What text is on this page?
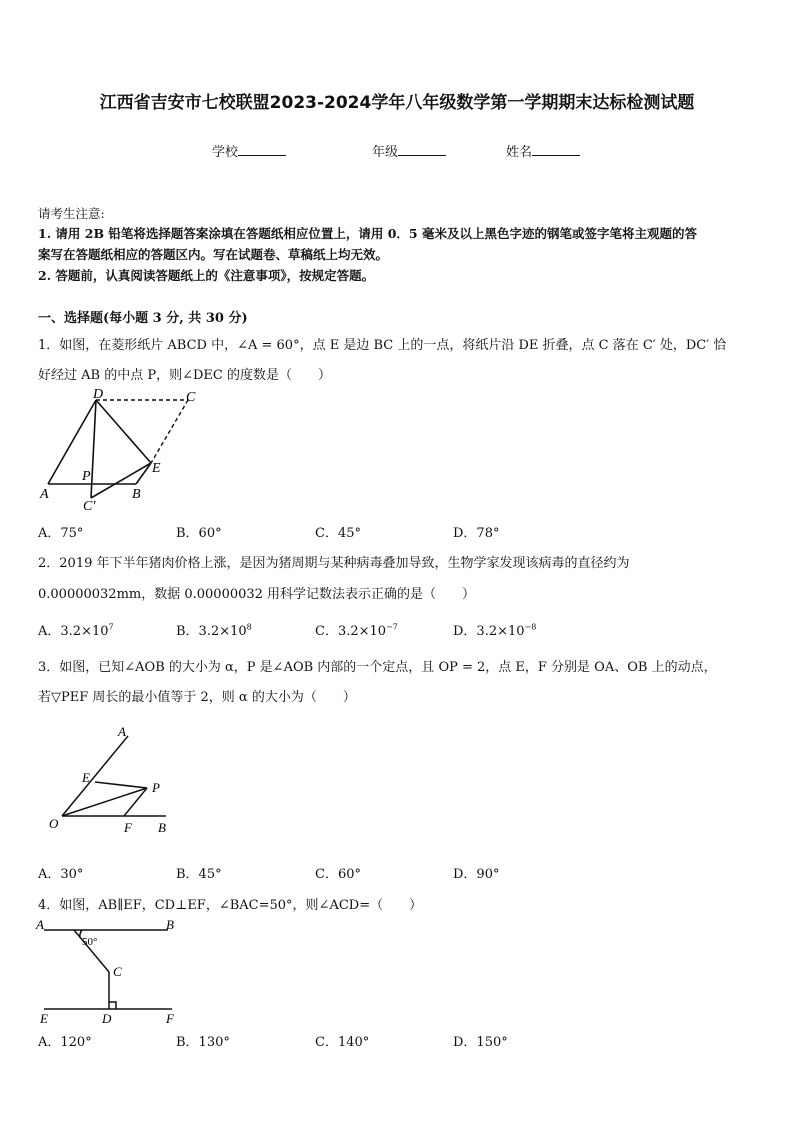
江西省吉安市七校联盟2023-2024学年八年级数学第一学期期末达标检测试题
学校	年级	姓名
请考生注意:
1. 请用 2B 铅笔将选择题答案涂填在答题纸相应位置上，请用 0．5 毫米及以上黑色字迹的钢笔或签字笔将主观题的答
案写在答题纸相应的答题区内。写在试题卷、草稿纸上均无效。
2. 答题前，认真阅读答题纸上的《注意事项》，按规定答题。
一、选择题(每小题 3 分, 共 30 分)
1．如图，在菱形纸片 ABCD 中，∠A = 60°，点 E 是边 BC 上的一点，将纸片沿 DE 折叠，点 C 落在 C′ 处，DC′ 恰
好经过 AB 的中点 P，则∠DEC 的度数是（　　）
D	C
A	B
E
P
C′
A．75°	B．60°	C．45°	D．78°
2．2019 年下半年猪肉价格上涨，是因为猪周期与某种病毒叠加导致，生物学家发现该病毒的直径约为
0.00000032mm，数据 0.00000032 用科学记数法表示正确的是（　　）
A．$3.2\times 10^7$	B．$3.2\times 10^8$	C．$3.2\times 10^{-7}$	D．$3.2\times 10^{-8}$
3．如图，已知∠AOB 的大小为 α，P 是∠AOB 内部的一个定点，且 OP = 2，点 E，F 分别是 OA、OB 上的动点，
若▽PEF 周长的最小值等于 2，则 α 的大小为（　　）
A
E
P
O	F B
A．30°	B．45°	C．60°	D．90°
4．如图，AB∥EF，CD⊥EF，∠BAC=50°，则∠ACD=（　　）
A	B
C
D
E	F
50°
A．120°	B．130°	C．140°	D．150°
